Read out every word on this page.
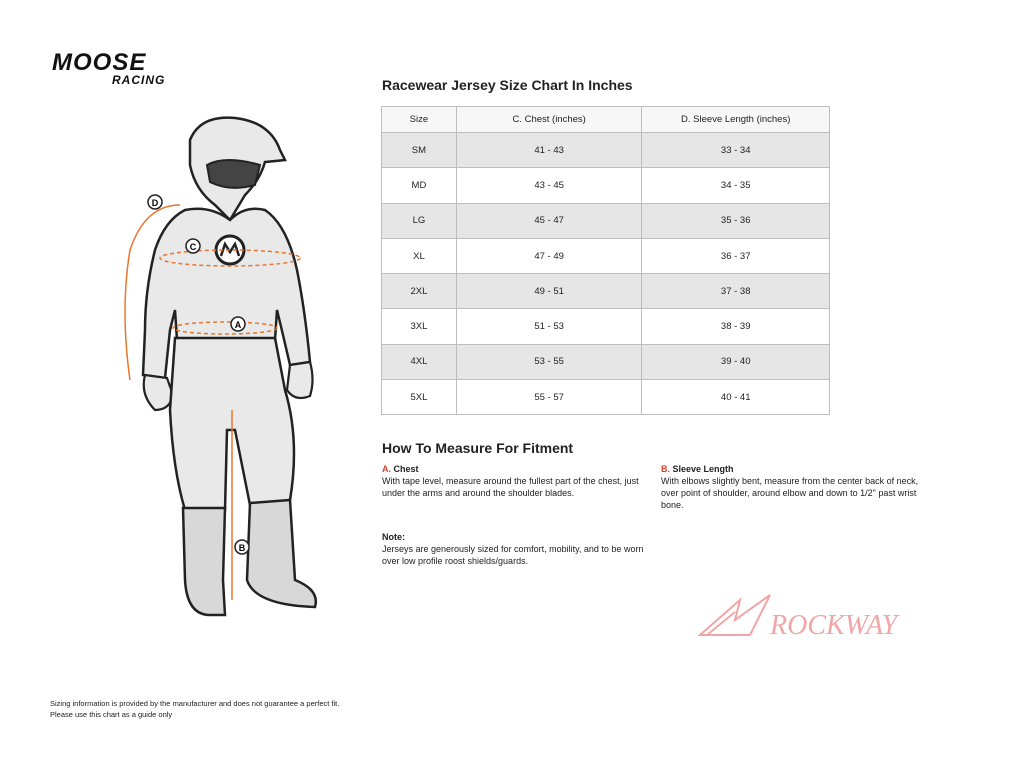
MOOSE
RACING
D
C
A
B
Racewear Jersey Size Chart In Inches
Size	C. Chest (inches)	D. Sleeve Length (inches)
SM	41 - 43	33 - 34
MD	43 - 45	34 - 35
LG	45 - 47	35 - 36
XL	47 - 49	36 - 37
2XL	49 - 51	37 - 38
3XL	51 - 53	38 - 39
4XL	53 - 55	39 - 40
5XL	55 - 57	40 - 41
How To Measure For Fitment
A. Chest
With tape level, measure around the fullest part of the chest, just under the arms and around the shoulder blades.
B. Sleeve Length
With elbows slightly bent, measure from the center back of neck, over point of shoulder, around elbow and down to 1/2" past wrist bone.
Note:
Jerseys are generously sized for comfort, mobility, and to be worn over low profile roost shields/guards.
ROCKWAY
Sizing information is provided by the manufacturer and does not guarantee a perfect fit.
Please use this chart as a guide only
